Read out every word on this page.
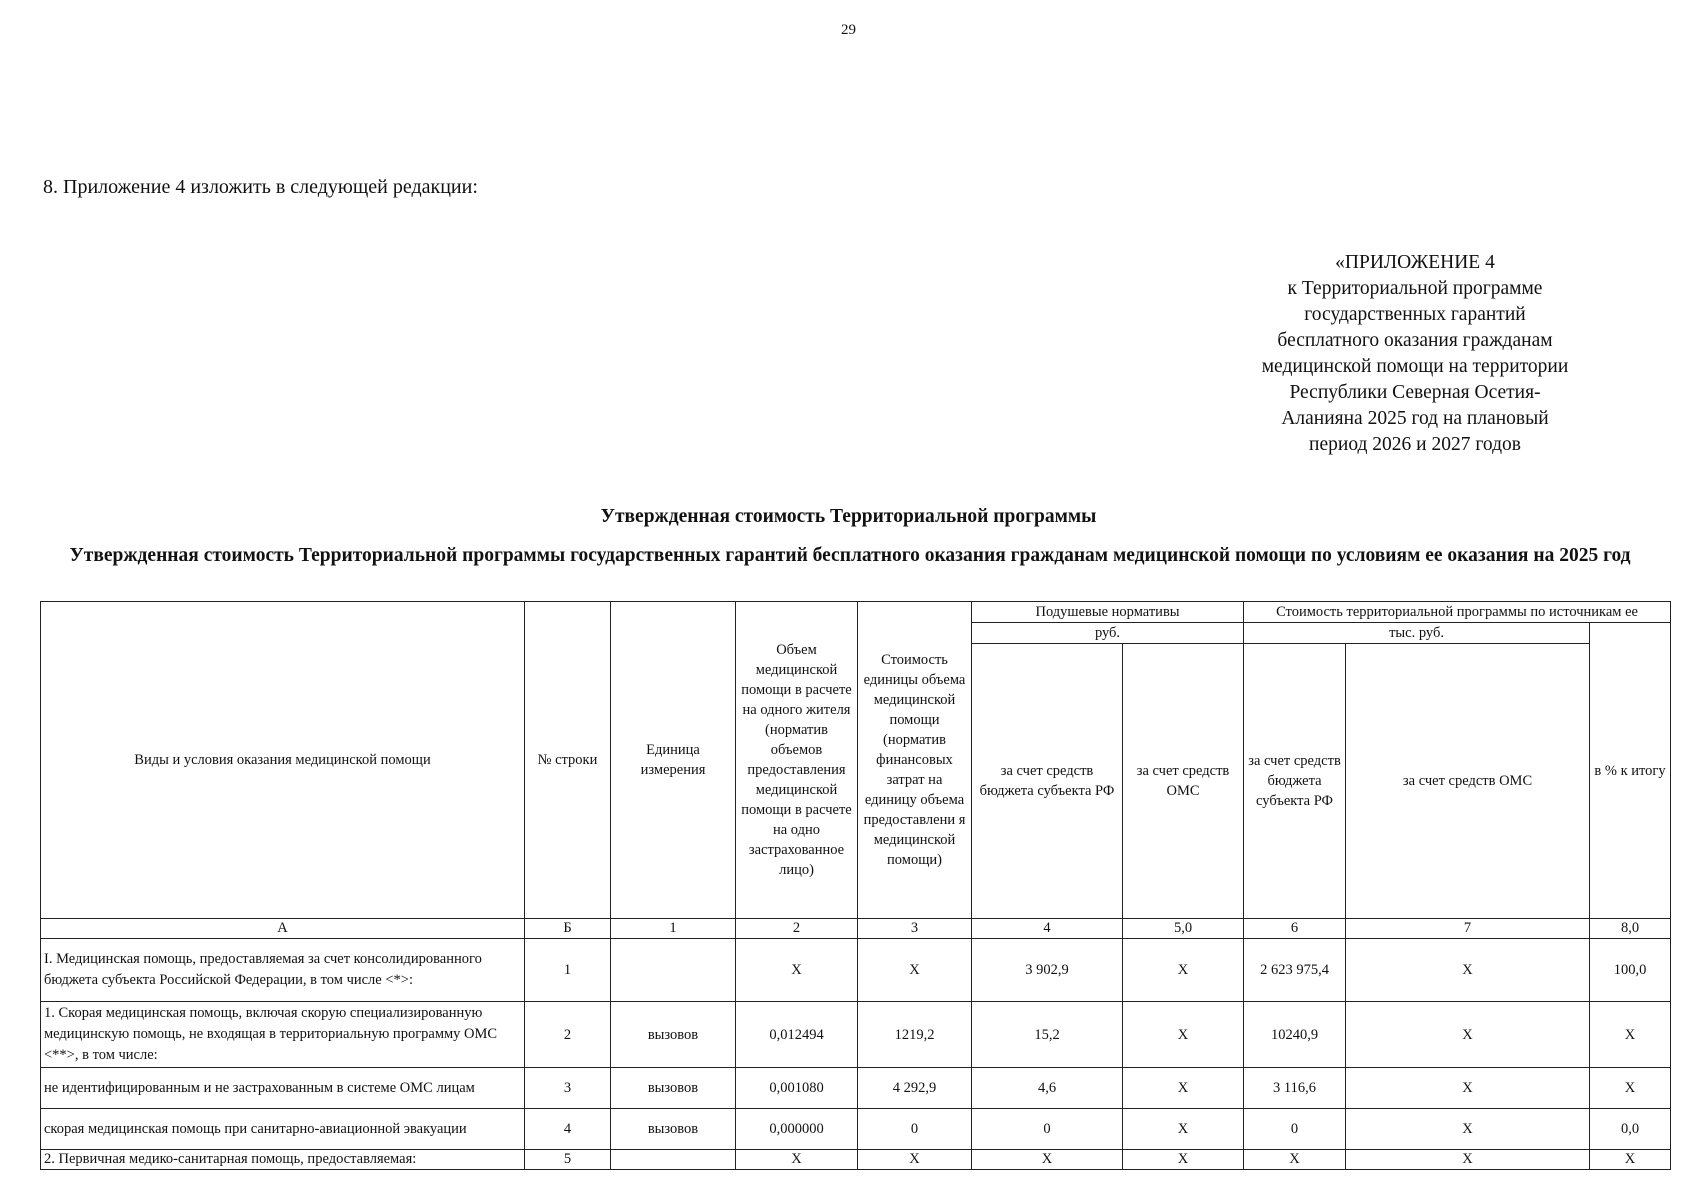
29
8. Приложение 4 изложить в следующей редакции:
«ПРИЛОЖЕНИЕ 4
к Территориальной программе
государственных гарантий
бесплатного оказания гражданам
медицинской помощи на территории
Республики Северная Осетия-
Аланияна 2025 год на плановый
период 2026 и 2027 годов
Утвержденная стоимость Территориальной программы
Утвержденная стоимость Территориальной программы государственных гарантий бесплатного оказания гражданам медицинской помощи по условиям ее оказания на 2025 год
Виды и условия оказания медицинской помощи	№ строки	Единица измерения	Объем медицинской помощи в расчете на одного жителя (норматив объемов предоставления медицинской помощи в расчете на одно застрахованное лицо)	Стоимость единицы объема медицинской помощи (норматив финансовых затрат на единицу объема предоставлени я медицинской помощи)	Подушевые нормативы		Стоимость территориальной программы по источникам ее		
					руб.		тыс. руб.		в % к итогу
					за счет средств бюджета субъекта РФ	за счет средств ОМС	за счет средств бюджета субъекта РФ	за счет средств ОМС	
А	Б	1	2	3	4	5,0	6	7	8,0
I. Медицинская помощь, предоставляемая за счет консолидированного бюджета субъекта Российской Федерации, в том числе <*>:	1		X	X	3 902,9	X	2 623 975,4	X	100,0
1. Скорая медицинская помощь, включая скорую специализированную медицинскую помощь, не входящая в территориальную программу ОМС <**>, в том числе:	2	вызовов	0,012494	1219,2	15,2	X	10240,9	X	X
не идентифицированным и не застрахованным в системе ОМС лицам	3	вызовов	0,001080	4 292,9	4,6	X	3 116,6	X	X
скорая медицинская помощь при санитарно-авиационной эвакуации	4	вызовов	0,000000	0	0	X	0	X	0,0
2. Первичная медико-санитарная помощь, предоставляемая:	5		X	X	X	X	X	X	X
